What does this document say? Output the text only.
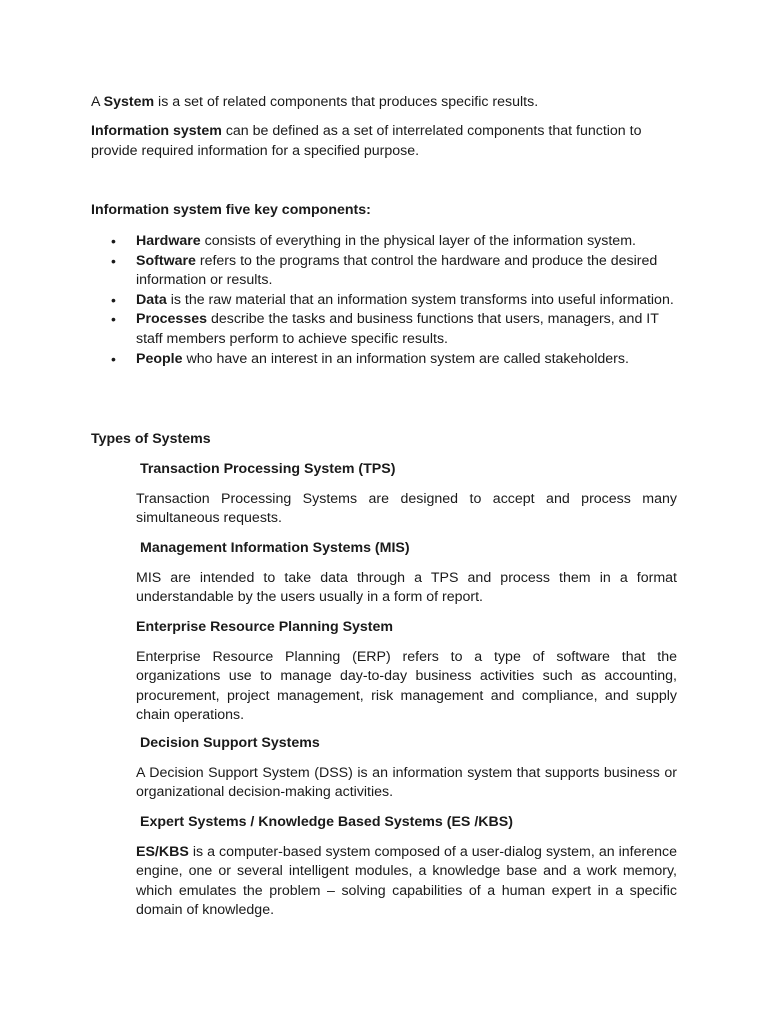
A System is a set of related components that produces specific results.

Information system can be defined as a set of interrelated components that function to provide required information for a specified purpose.

Information system five key components:

• Hardware consists of everything in the physical layer of the information system.
• Software refers to the programs that control the hardware and produce the desired information or results.
• Data is the raw material that an information system transforms into useful information.
• Processes describe the tasks and business functions that users, managers, and IT staff members perform to achieve specific results.
• People who have an interest in an information system are called stakeholders.

Types of Systems

Transaction Processing System (TPS)

Transaction Processing Systems are designed to accept and process many simultaneous requests.

Management Information Systems (MIS)

MIS are intended to take data through a TPS and process them in a format understandable by the users usually in a form of report.

Enterprise Resource Planning System

Enterprise Resource Planning (ERP) refers to a type of software that the organizations use to manage day-to-day business activities such as accounting, procurement, project management, risk management and compliance, and supply chain operations.

Decision Support Systems

A Decision Support System (DSS) is an information system that supports business or organizational decision-making activities.

Expert Systems / Knowledge Based Systems (ES /KBS)

ES/KBS is a computer-based system composed of a user-dialog system, an inference engine, one or several intelligent modules, a knowledge base and a work memory, which emulates the problem – solving capabilities of a human expert in a specific domain of knowledge.
